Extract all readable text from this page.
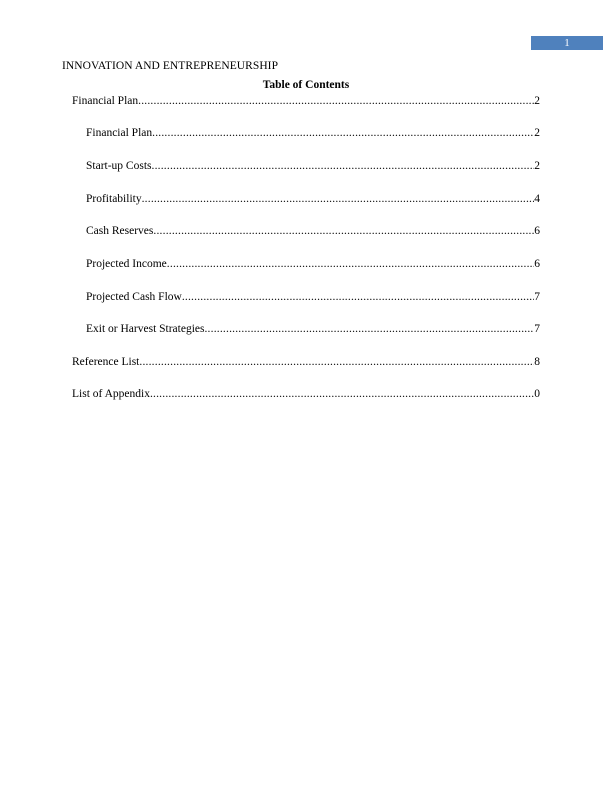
1
INNOVATION AND ENTREPRENEURSHIP
Table of Contents
Financial Plan .....	2
Financial Plan .....	2
Start-up Costs .....	2
Profitability .....	4
Cash Reserves .....	6
Projected Income .....	6
Projected Cash Flow .....	7
Exit or Harvest Strategies .....	7
Reference List .....	8
List of Appendix .....	0
